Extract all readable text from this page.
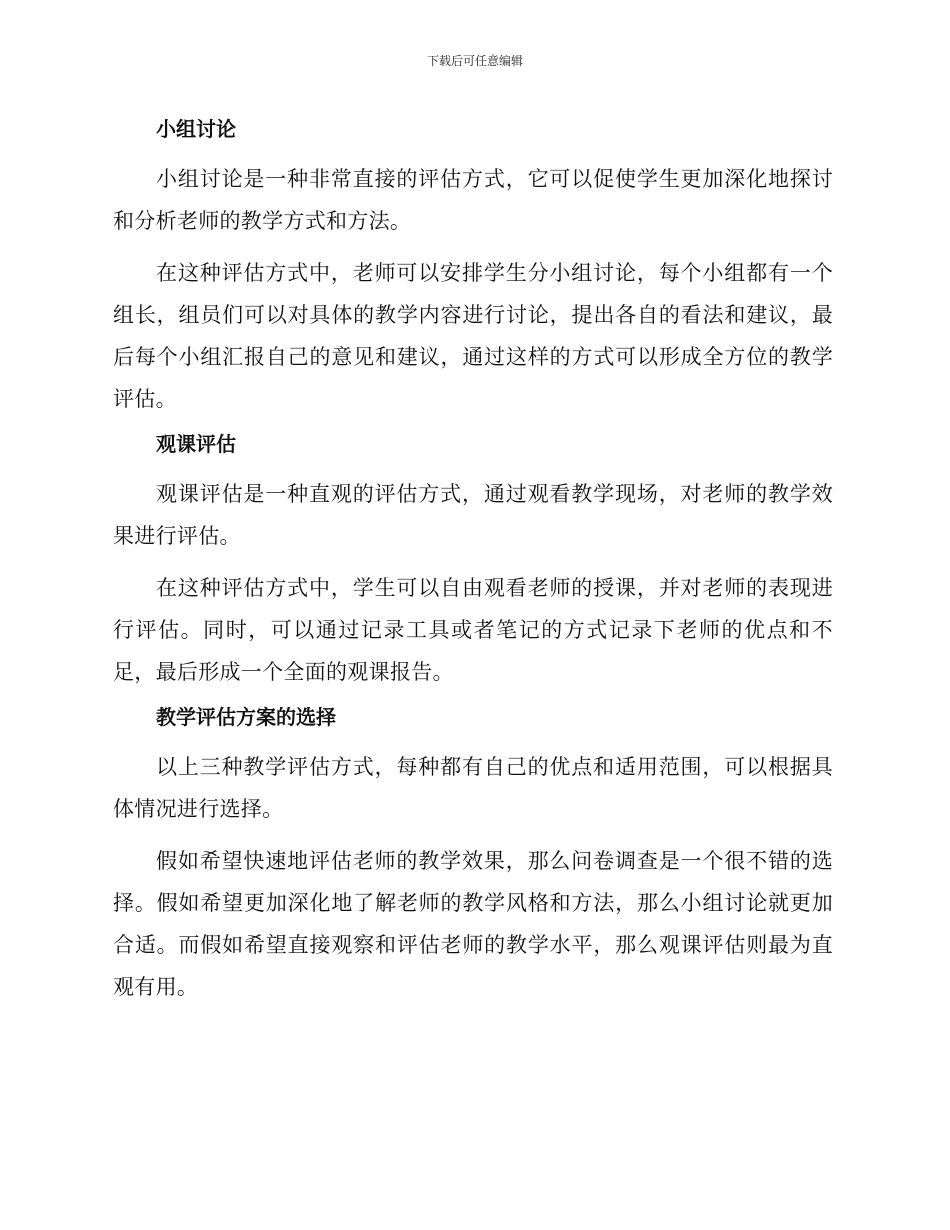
下载后可任意编辑
小组讨论

小组讨论是一种非常直接的评估方式，它可以促使学生更加深化地探讨和分析老师的教学方式和方法。

在这种评估方式中，老师可以安排学生分小组讨论，每个小组都有一个组长，组员们可以对具体的教学内容进行讨论，提出各自的看法和建议，最后每个小组汇报自己的意见和建议，通过这样的方式可以形成全方位的教学评估。

观课评估

观课评估是一种直观的评估方式，通过观看教学现场，对老师的教学效果进行评估。

在这种评估方式中，学生可以自由观看老师的授课，并对老师的表现进行评估。同时，可以通过记录工具或者笔记的方式记录下老师的优点和不足，最后形成一个全面的观课报告。

教学评估方案的选择

以上三种教学评估方式，每种都有自己的优点和适用范围，可以根据具体情况进行选择。

假如希望快速地评估老师的教学效果，那么问卷调查是一个很不错的选择。假如希望更加深化地了解老师的教学风格和方法，那么小组讨论就更加合适。而假如希望直接观察和评估老师的教学水平，那么观课评估则最为直观有用。
